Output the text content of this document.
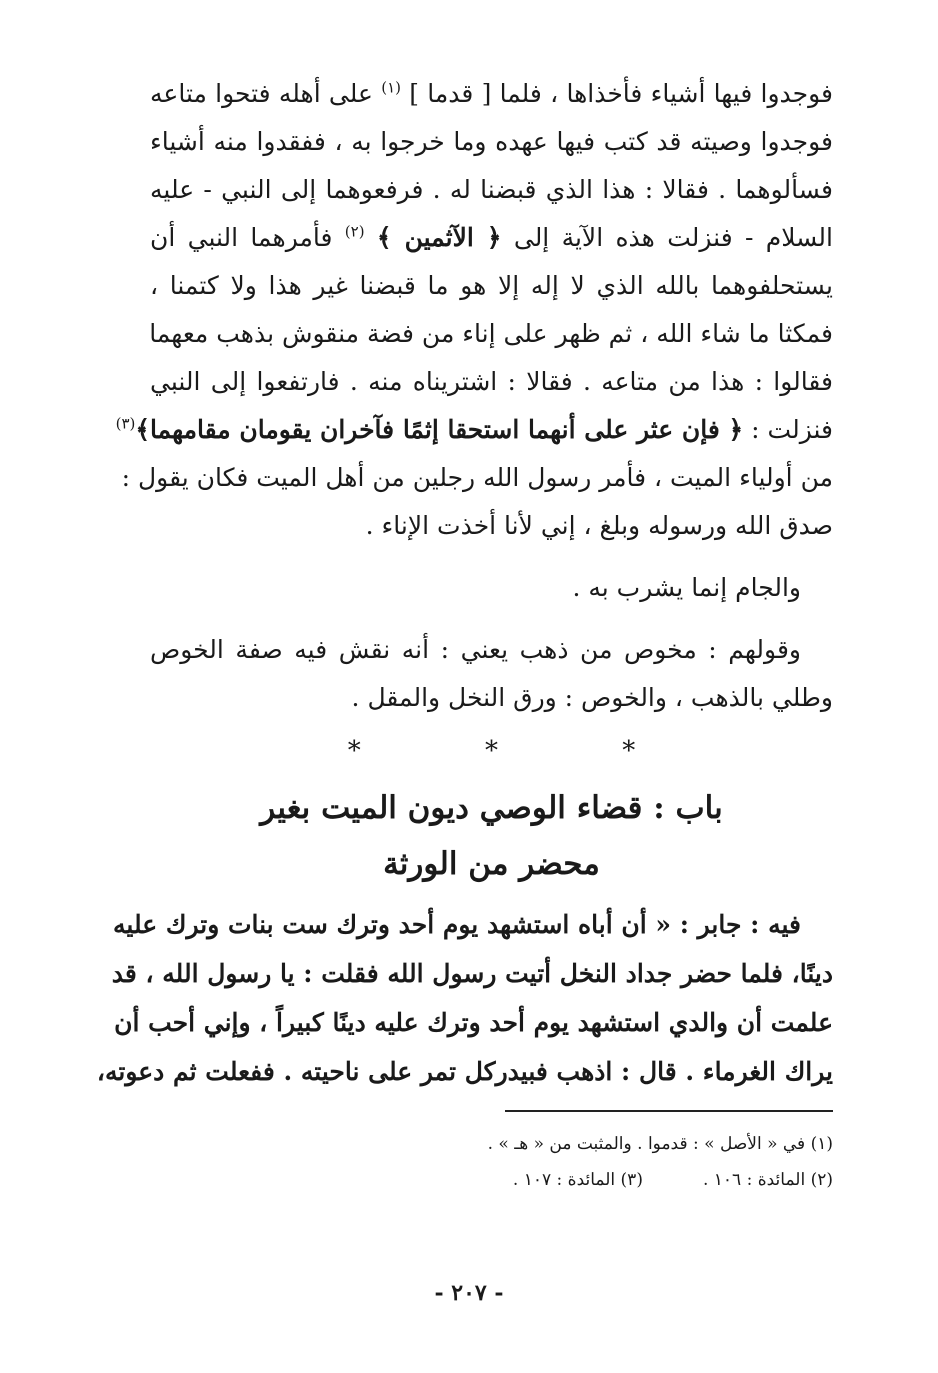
فوجدوا فيها أشياء فأخذاها ، فلما [ قدما ] $^{(١)}$ على أهله فتحوا متاعه
فوجدوا وصيته قد كتب فيها عهده وما خرجوا به ، ففقدوا منه أشياء
فسألوهما . فقالا : هذا الذي قبضنا له . فرفعوهما إلى النبي - عليه
السلام - فنزلت هذه الآية إلى ﴿ الآثمين ﴾ $^{(٢)}$ فأمرهما النبي أن
يستحلفوهما بالله الذي لا إله إلا هو ما قبضنا غير هذا ولا كتمنا ،
فمكثا ما شاء الله ، ثم ظهر على إناء من فضة منقوش بذهب معهما
فقالوا : هذا من متاعه . فقالا : اشتريناه منه . فارتفعوا إلى النبي
فنزلت : ﴿ فإن عثر على أنهما استحقا إثمًا فآخران يقومان مقامهما﴾$^{(٣)}$
من أولياء الميت ، فأمر رسول الله رجلين من أهل الميت فكان يقول :
صدق الله ورسوله وبلغ ، إني لأنا أخذت الإناء .
والجام إنما يشرب به .
وقولهم : مخوص من ذهب يعني : أنه نقش فيه صفة الخوص
وطلي بالذهب ، والخوص : ورق النخل والمقل .
* * *
باب : قضاء الوصي ديون الميت بغير
محضر من الورثة
فيه : جابر : « أن أباه استشهد يوم أحد وترك ست بنات وترك عليه
دينًا، فلما حضر جداد النخل أتيت رسول الله فقلت : يا رسول الله ، قد
علمت أن والدي استشهد يوم أحد وترك عليه دينًا كبيراً ، وإني أحب أن
يراك الغرماء . قال : اذهب فبيدركل تمر على ناحيته . ففعلت ثم دعوته،
(١) في « الأصل » : قدموا . والمثبت من « هـ » .
(٢) المائدة : ١٠٦ .(٣) المائدة : ١٠٧ .
- ٢٠٧ -
